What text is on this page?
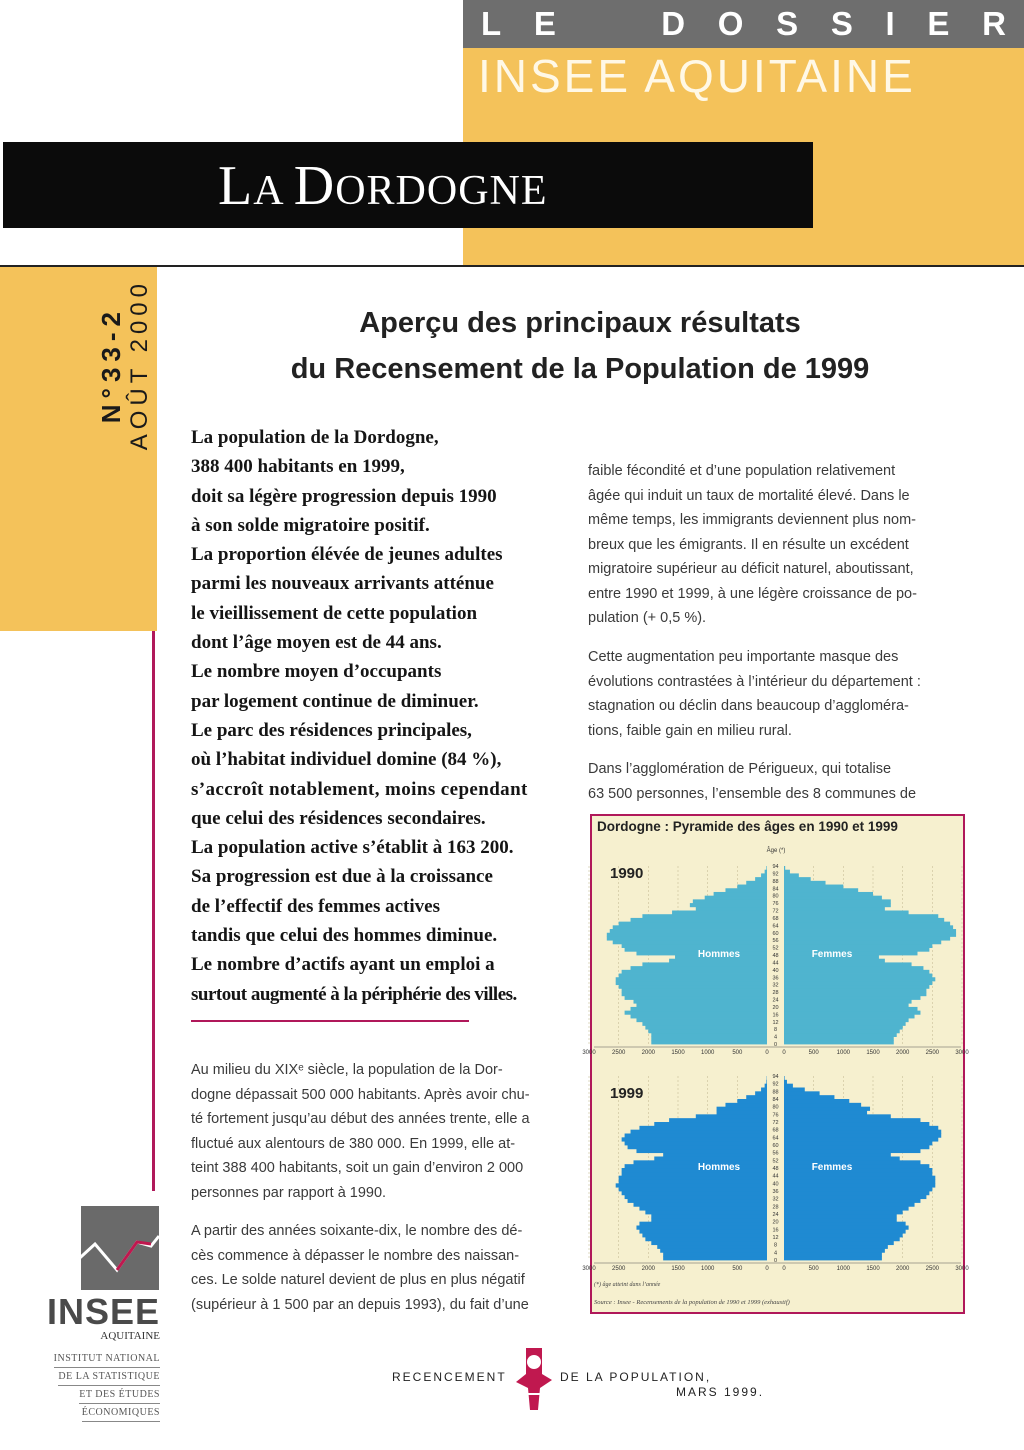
L E	D O S S I E R
INSEE AQUITAINE
LA DORDOGNE
N°33-2 AOÛT 2000	Aperçu des principaux résultats
du Recensement de la Population de 1999
La population de la Dordogne,
388 400 habitants en 1999,
doit sa légère progression depuis 1990
à son solde migratoire positif.
La proportion élévée de jeunes adultes
parmi les nouveaux arrivants atténue
le vieillissement de cette population
dont l’âge moyen est de 44 ans.
Le nombre moyen d’occupants
par logement continue de diminuer.
Le parc des résidences principales,
où l’habitat individuel domine (84 %),
s’accroît notablement, moins cependant
que celui des résidences secondaires.
La population active s’établit à 163 200.
Sa progression est due à la croissance
de l’effectif des femmes actives
tandis que celui des hommes diminue.
Le nombre d’actifs ayant un emploi a
surtout augmenté à la périphérie des villes.
Au milieu du XIXᵉ siècle, la population de la Dor-
dogne dépassait 500 000 habitants. Après avoir chu-
té fortement jusqu’au début des années trente, elle a
fluctué aux alentours de 380 000. En 1999, elle at-
teint 388 400 habitants, soit un gain d’environ 2 000
personnes par rapport à 1990.
A partir des années soixante-dix, le nombre des dé-
cès commence à dépasser le nombre des naissan-
ces. Le solde naturel devient de plus en plus négatif
(supérieur à 1 500 par an depuis 1993), du fait d’une
faible fécondité et d’une population relativement
âgée qui induit un taux de mortalité élevé. Dans le
même temps, les immigrants deviennent plus nom-
breux que les émigrants. Il en résulte un excédent
migratoire supérieur au déficit naturel, aboutissant,
entre 1990 et 1999, à une légère croissance de po-
pulation (+ 0,5 %).
Cette augmentation peu importante masque des
évolutions contrastées à l’intérieur du département :
stagnation ou déclin dans beaucoup d’aggloméra-
tions, faible gain en milieu rural.
Dans l’agglomération de Périgueux, qui totalise
63 500 personnes, l’ensemble des 8 communes de
0
4
8
12
16
20
24
28
32
36
40
44
48
52
56
60
64
68
72
76
80
84
88
92
94
3000	2500	2000	1500	1000	500	0 0	500	1000	1500	2000	2500	3000
1990
Hommes	Femmes
0
4
8
12
16
20
24
28
32
36
40
44
48
52
56
60
64
68
72
76
80
84
88
92
94
3000	2500	2000	1500	1000	500	0 0	500	1000	1500	2000	2500	3000
1999
Hommes	Femmes
Âge (*)
(*) âge atteint dans l’année
Source : Insee - Recensements de la population de 1990 et 1999 (exhaustif)
Dordogne : Pyramide des âges en 1990 et 1999
INSEE
AQUITAINE
INSTITUT NATIONAL
DE LA STATISTIQUE
ET DES ÉTUDES
ÉCONOMIQUES
RECENCEMENT	DE LA POPULATION,
MARS 1999.
